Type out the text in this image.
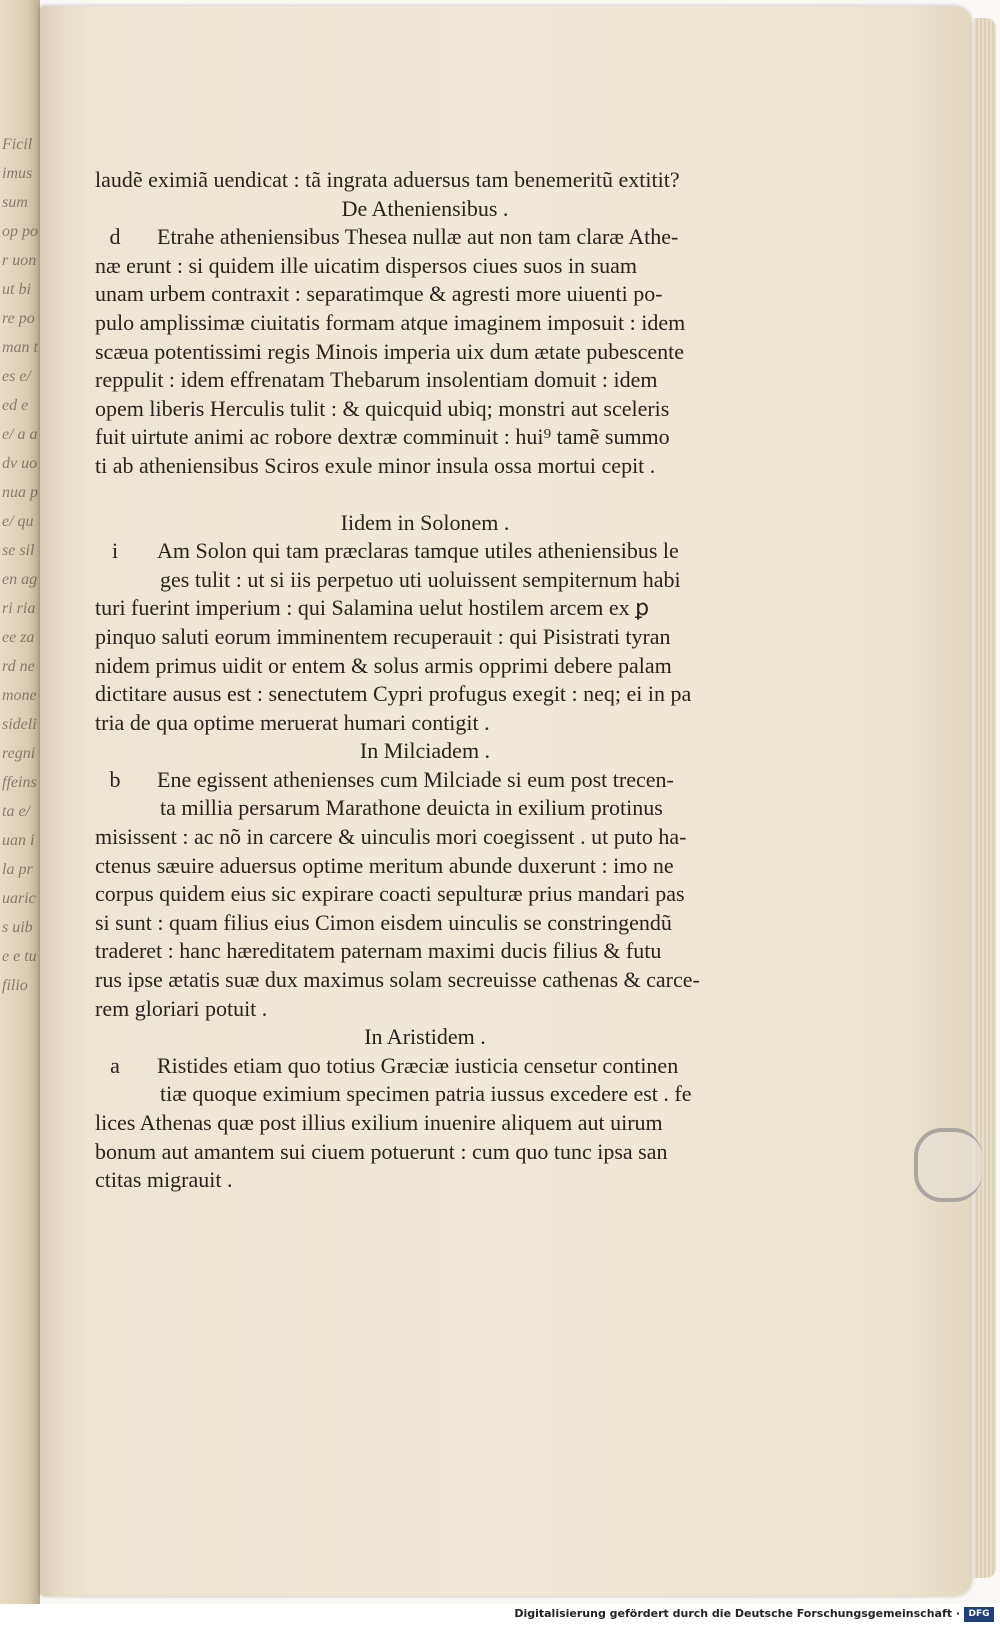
Ficil imus sum op por uon ut bi re po man tes e/ ed e e/ a adv uo nua pe/ quse silen agri ria ee zard ne mone sideli regni ffeins ta e/ uan ila pr uarics uibe e tu filio
laudẽ eximiã uendicat : tã ingrata aduersus tam benemeritũ extitit?
De Atheniensibus .
d Etrahe atheniensibus Thesea nullæ aut non tam claræ Athe-
næ erunt : si quidem ille uicatim dispersos ciues suos in suam
unam urbem contraxit : separatimque & agresti more uiuenti po-
pulo amplissimæ ciuitatis formam atque imaginem imposuit : idem
scæua potentissimi regis Minois imperia uix dum ætate pubescente
reppulit : idem effrenatam Thebarum insolentiam domuit : idem
opem liberis Herculis tulit : & quicquid ubiq; monstri aut sceleris
fuit uirtute animi ac robore dextræ comminuit : hui⁹ tamẽ summo
ti ab atheniensibus Sciros exule minor insula ossa mortui cepit .
Iidem in Solonem .
i Am Solon qui tam præclaras tamque utiles atheniensibus le
ges tulit : ut si iis perpetuo uti uoluissent sempiternum habi
turi fuerint imperium : qui Salamina uelut hostilem arcem ex ꝑ
pinquo saluti eorum imminentem recuperauit : qui Pisistrati tyran
nidem primus uidit or entem & solus armis opprimi debere palam
dictitare ausus est : senectutem Cypri profugus exegit : neq; ei in pa
tria de qua optime meruerat humari contigit .
In Milciadem .
b Ene egissent athenienses cum Milciade si eum post trecen-
ta millia persarum Marathone deuicta in exilium protinus
misissent : ac nõ in carcere & uinculis mori coegissent . ut puto ha-
ctenus sæuire aduersus optime meritum abunde duxerunt : imo ne
corpus quidem eius sic expirare coacti sepulturæ prius mandari pas
si sunt : quam filius eius Cimon eisdem uinculis se constringendũ
traderet : hanc hæreditatem paternam maximi ducis filius & futu
rus ipse ætatis suæ dux maximus solam secreuisse cathenas & carce-
rem gloriari potuit .
In Aristidem .
a Ristides etiam quo totius Græciæ iusticia censetur continen
tiæ quoque eximium specimen patria iussus excedere est . fe
lices Athenas quæ post illius exilium inuenire aliquem aut uirum
bonum aut amantem sui ciuem potuerunt : cum quo tunc ipsa san
ctitas migrauit .
Digitalisierung gefördert durch die Deutsche Forschungsgemeinschaft · DFG
